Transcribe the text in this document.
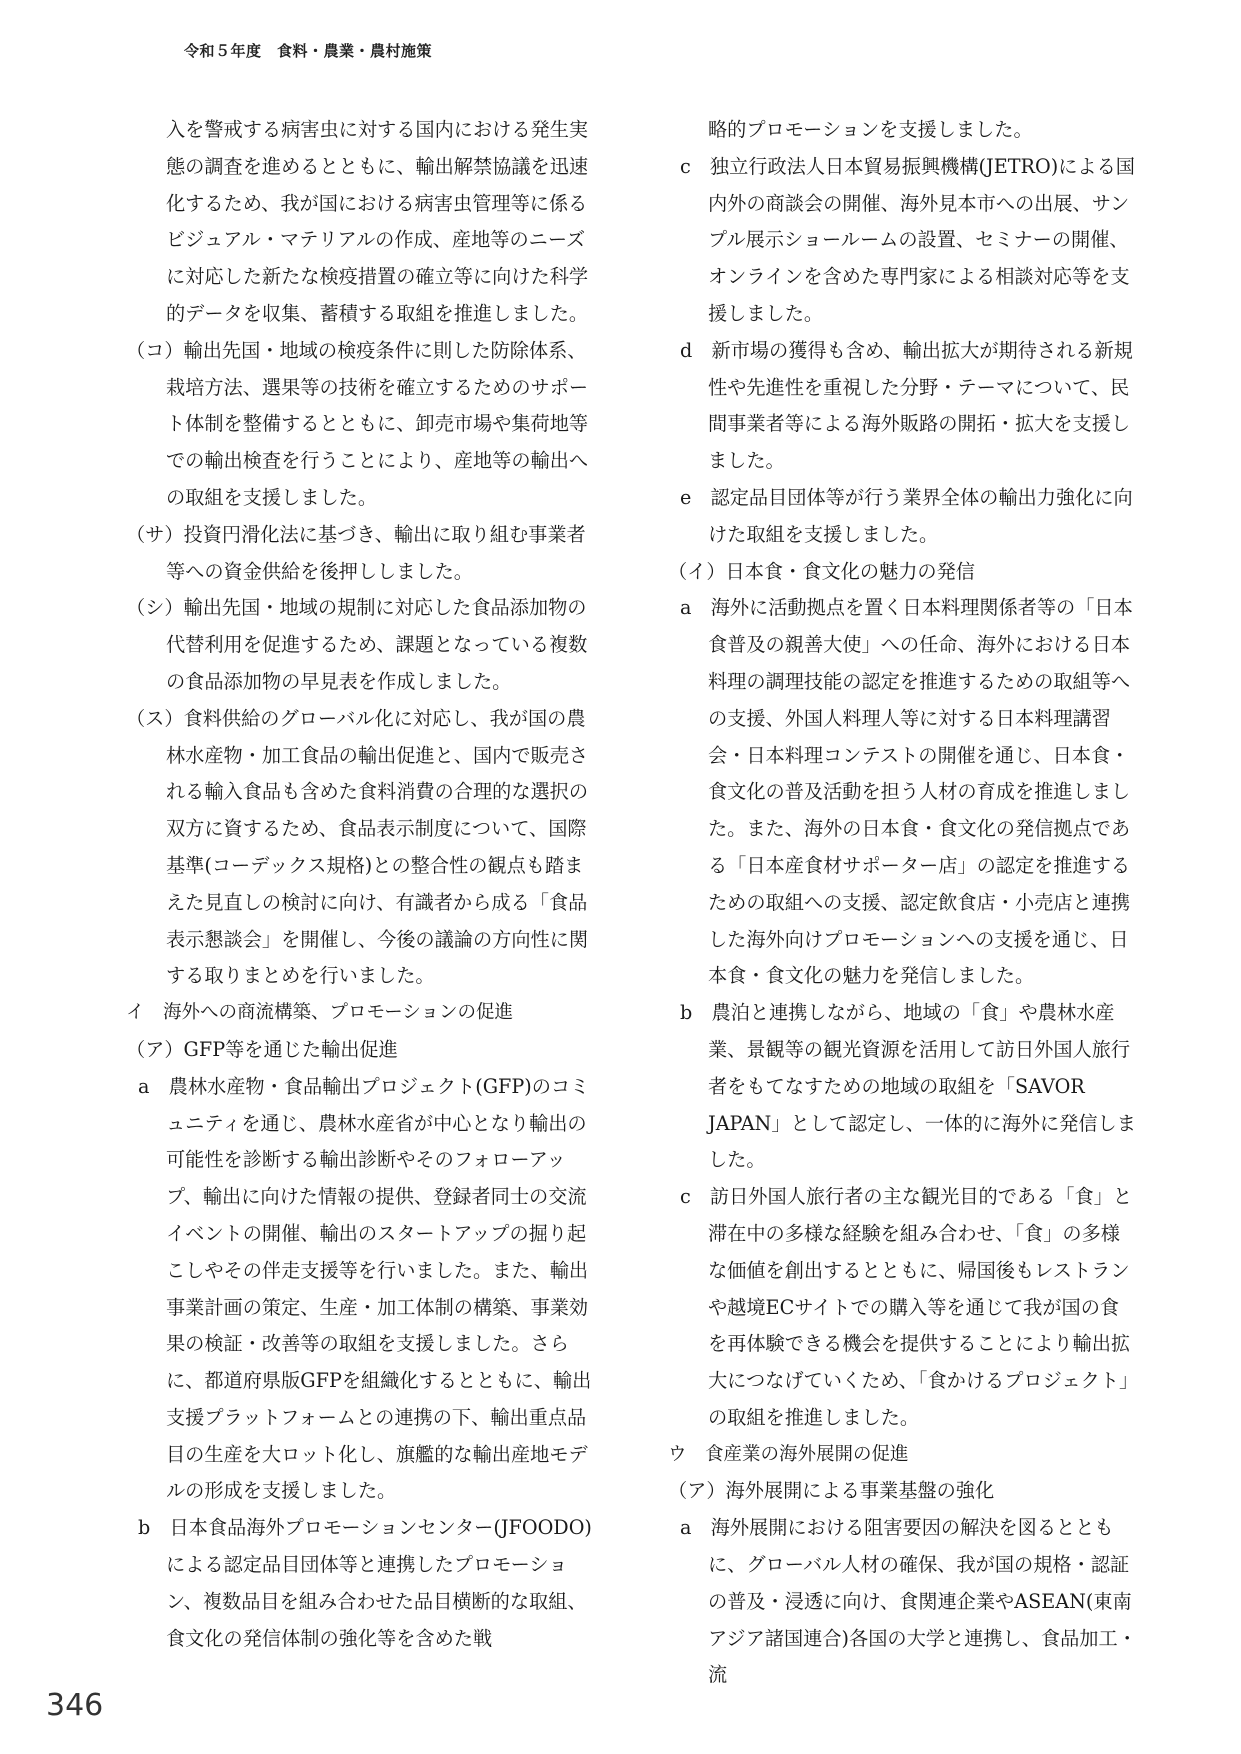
令和５年度　食料・農業・農村施策

入を警戒する病害虫に対する国内における発生実態の調査を進めるとともに、輸出解禁協議を迅速化するため、我が国における病害虫管理等に係るビジュアル・マテリアルの作成、産地等のニーズに対応した新たな検疫措置の確立等に向けた科学的データを収集、蓄積する取組を推進しました。

（コ）輸出先国・地域の検疫条件に則した防除体系、栽培方法、選果等の技術を確立するためのサポート体制を整備するとともに、卸売市場や集荷地等での輸出検査を行うことにより、産地等の輸出への取組を支援しました。

（サ）投資円滑化法に基づき、輸出に取り組む事業者等への資金供給を後押ししました。

（シ）輸出先国・地域の規制に対応した食品添加物の代替利用を促進するため、課題となっている複数の食品添加物の早見表を作成しました。

（ス）食料供給のグローバル化に対応し、我が国の農林水産物・加工食品の輸出促進と、国内で販売される輸入食品も含めた食料消費の合理的な選択の双方に資するため、食品表示制度について、国際基準(コーデックス規格)との整合性の観点も踏まえた見直しの検討に向け、有識者から成る「食品表示懇談会」を開催し、今後の議論の方向性に関する取りまとめを行いました。

イ　海外への商流構築、プロモーションの促進

（ア）GFP等を通じた輸出促進

a　農林水産物・食品輸出プロジェクト(GFP)のコミュニティを通じ、農林水産省が中心となり輸出の可能性を診断する輸出診断やそのフォローアップ、輸出に向けた情報の提供、登録者同士の交流イベントの開催、輸出のスタートアップの掘り起こしやその伴走支援等を行いました。また、輸出事業計画の策定、生産・加工体制の構築、事業効果の検証・改善等の取組を支援しました。さらに、都道府県版GFPを組織化するとともに、輸出支援プラットフォームとの連携の下、輸出重点品目の生産を大ロット化し、旗艦的な輸出産地モデルの形成を支援しました。

b　日本食品海外プロモーションセンター(JFOODO)による認定品目団体等と連携したプロモーション、複数品目を組み合わせた品目横断的な取組、食文化の発信体制の強化等を含めた戦

略的プロモーションを支援しました。

c　独立行政法人日本貿易振興機構(JETRO)による国内外の商談会の開催、海外見本市への出展、サンプル展示ショールームの設置、セミナーの開催、オンラインを含めた専門家による相談対応等を支援しました。

d　新市場の獲得も含め、輸出拡大が期待される新規性や先進性を重視した分野・テーマについて、民間事業者等による海外販路の開拓・拡大を支援しました。

e　認定品目団体等が行う業界全体の輸出力強化に向けた取組を支援しました。

（イ）日本食・食文化の魅力の発信

a　海外に活動拠点を置く日本料理関係者等の「日本食普及の親善大使」への任命、海外における日本料理の調理技能の認定を推進するための取組等への支援、外国人料理人等に対する日本料理講習会・日本料理コンテストの開催を通じ、日本食・食文化の普及活動を担う人材の育成を推進しました。また、海外の日本食・食文化の発信拠点である「日本産食材サポーター店」の認定を推進するための取組への支援、認定飲食店・小売店と連携した海外向けプロモーションへの支援を通じ、日本食・食文化の魅力を発信しました。

b　農泊と連携しながら、地域の「食」や農林水産業、景観等の観光資源を活用して訪日外国人旅行者をもてなすための地域の取組を「SAVOR JAPAN」として認定し、一体的に海外に発信しました。

c　訪日外国人旅行者の主な観光目的である「食」と滞在中の多様な経験を組み合わせ、「食」の多様な価値を創出するとともに、帰国後もレストランや越境ECサイトでの購入等を通じて我が国の食を再体験できる機会を提供することにより輸出拡大につなげていくため、「食かけるプロジェクト」の取組を推進しました。

ウ　食産業の海外展開の促進

（ア）海外展開による事業基盤の強化

a　海外展開における阻害要因の解決を図るとともに、グローバル人材の確保、我が国の規格・認証の普及・浸透に向け、食関連企業やASEAN(東南アジア諸国連合)各国の大学と連携し、食品加工・流

346
